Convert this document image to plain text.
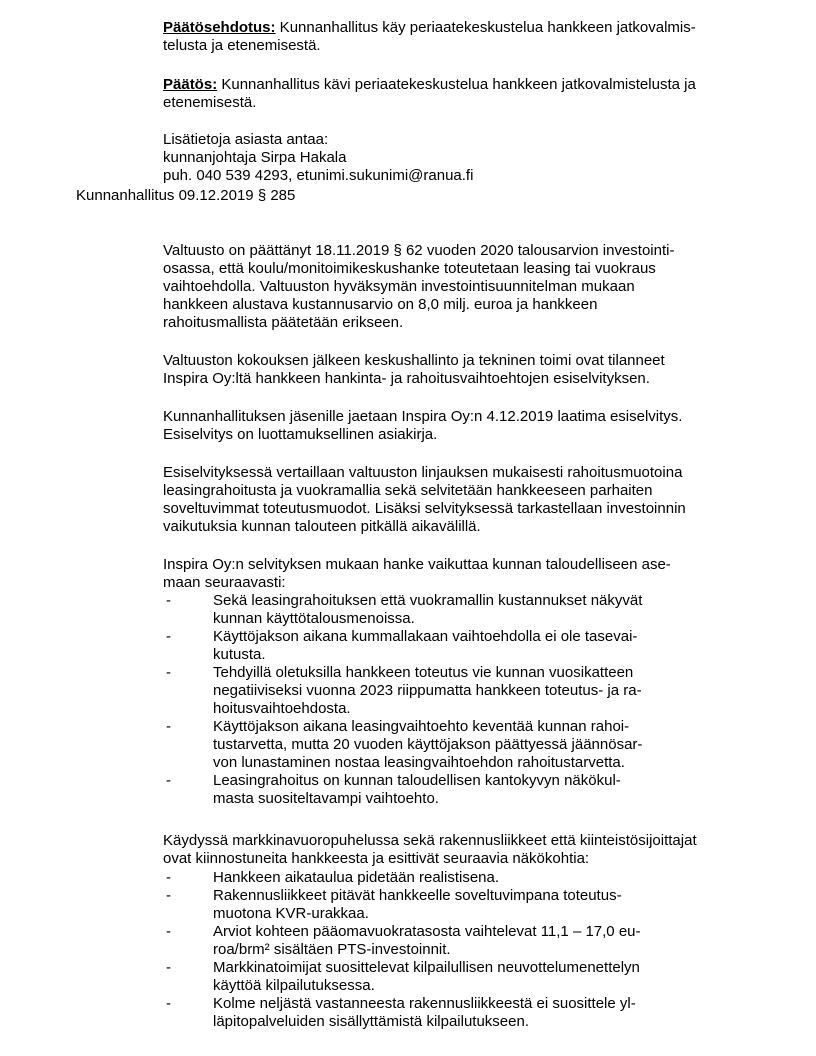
Päätösehdotus: Kunnanhallitus käy periaatekeskustelua hankkeen jatkovalmis-
telusta ja etenemisestä.
Päätös: Kunnanhallitus kävi periaatekeskustelua hankkeen jatkovalmistelusta ja
etenemisestä.
Lisätietoja asiasta antaa:
kunnanjohtaja Sirpa Hakala
puh. 040 539 4293, etunimi.sukunimi@ranua.fi
Kunnanhallitus 09.12.2019 § 285
Valtuusto on päättänyt 18.11.2019 § 62 vuoden 2020 talousarvion investointi-
osassa, että koulu/monitoimikeskushanke toteutetaan leasing tai vuokraus
vaihtoehdolla. Valtuuston hyväksymän investointisuunnitelman mukaan
hankkeen alustava kustannusarvio on 8,0 milj. euroa ja hankkeen
rahoitusmallista päätetään erikseen.
Valtuuston kokouksen jälkeen keskushallinto ja tekninen toimi ovat tilanneet
Inspira Oy:ltä hankkeen hankinta- ja rahoitusvaihtoehtojen esiselvityksen.
Kunnanhallituksen jäsenille jaetaan Inspira Oy:n 4.12.2019 laatima esiselvitys.
Esiselvitys on luottamuksellinen asiakirja.
Esiselvityksessä vertaillaan valtuuston linjauksen mukaisesti rahoitusmuotoina
leasingrahoitusta ja vuokramallia sekä selvitetään hankkeeseen parhaiten
soveltuvimmat toteutusmuodot. Lisäksi selvityksessä tarkastellaan investoinnin
vaikutuksia kunnan talouteen pitkällä aikavälillä.
Inspira Oy:n selvityksen mukaan hanke vaikuttaa kunnan taloudelliseen ase-
maan seuraavasti:
-	Sekä leasingrahoituksen että vuokramallin kustannukset näkyvät
kunnan käyttötalousmenoissa.
-	Käyttöjakson aikana kummallakaan vaihtoehdolla ei ole tasevai-
kutusta.
-	Tehdyillä oletuksilla hankkeen toteutus vie kunnan vuosikatteen
negatiiviseksi vuonna 2023 riippumatta hankkeen toteutus- ja ra-
hoitusvaihtoehdosta.
-	Käyttöjakson aikana leasingvaihtoehto keventää kunnan rahoi-
tustarvetta, mutta 20 vuoden käyttöjakson päättyessä jäännösar-
von lunastaminen nostaa leasingvaihtoehdon rahoitustarvetta.
-	Leasingrahoitus on kunnan taloudellisen kantokyvyn näkökul-
masta suositeltavampi vaihtoehto.
Käydyssä markkinavuoropuhelussa sekä rakennusliikkeet että kiinteistösijoittajat
ovat kiinnostuneita hankkeesta ja esittivät seuraavia näkökohtia:
-	Hankkeen aikataulua pidetään realistisena.
-	Rakennusliikkeet pitävät hankkeelle soveltuvimpana toteutus-
muotona KVR-urakkaa.
-	Arviot kohteen pääomavuokratasosta vaihtelevat 11,1 – 17,0 eu-
roa/brm² sisältäen PTS-investoinnit.
-	Markkinatoimijat suosittelevat kilpailullisen neuvottelumenettelyn
käyttöä kilpailutuksessa.
-	Kolme neljästä vastanneesta rakennusliikkeestä ei suosittele yl-
läpitopalveluiden sisällyttämistä kilpailutukseen.
